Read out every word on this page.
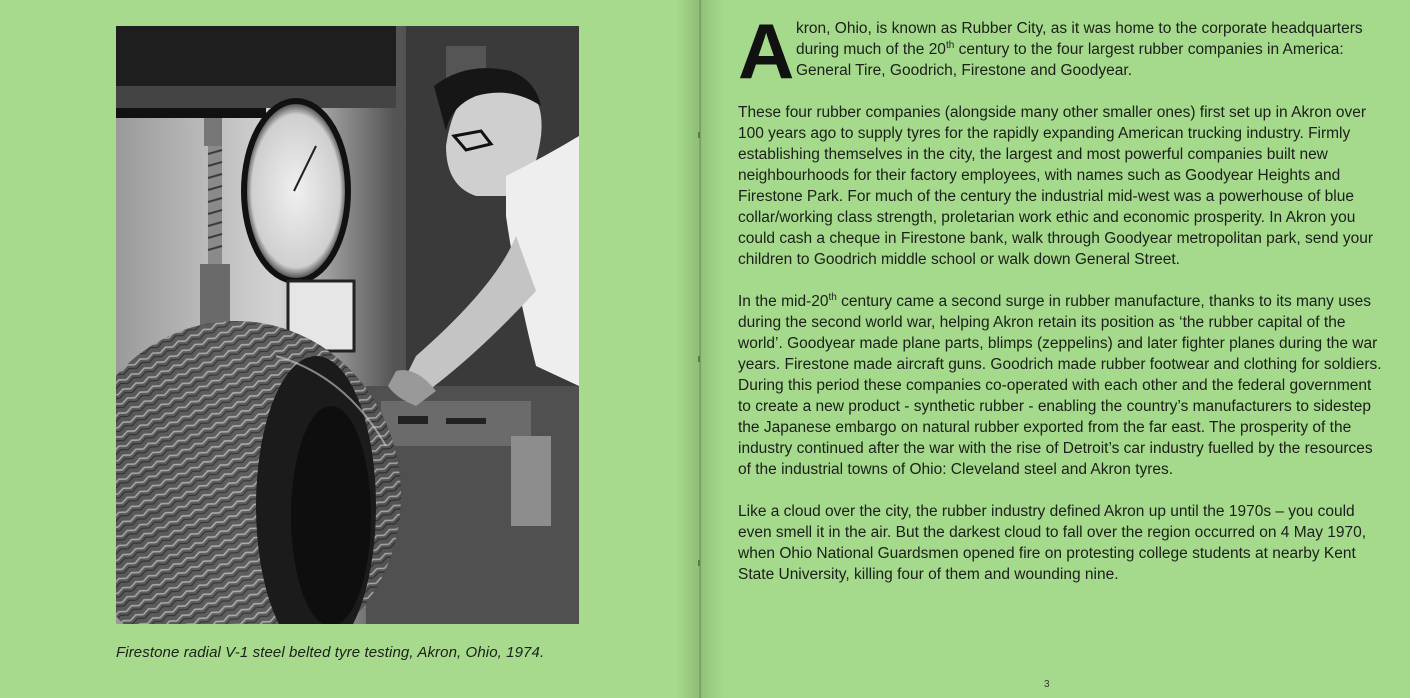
Firestone radial V-1 steel belted tyre testing, Akron, Ohio, 1974.
A kron, Ohio, is known as Rubber City, as it was home to the corporate headquarters during much of the 20th century to the four largest rubber companies in America: General Tire, Goodrich, Firestone and Goodyear.

These four rubber companies (alongside many other smaller ones) first set up in Akron over 100 years ago to supply tyres for the rapidly expanding American trucking industry. Firmly establishing themselves in the city, the largest and most powerful companies built new neighbourhoods for their factory employees, with names such as Goodyear Heights and Firestone Park. For much of the century the industrial mid-west was a powerhouse of blue collar/working class strength, proletarian work ethic and economic prosperity. In Akron you could cash a cheque in Firestone bank, walk through Goodyear metropolitan park, send your children to Goodrich middle school or walk down General Street.

In the mid-20th century came a second surge in rubber manufacture, thanks to its many uses during the second world war, helping Akron retain its position as ‘the rubber capital of the world’. Goodyear made plane parts, blimps (zeppelins) and later fighter planes during the war years. Firestone made aircraft guns. Goodrich made rubber footwear and clothing for soldiers. During this period these companies co-operated with each other and the federal government to create a new product - synthetic rubber - enabling the country’s manufacturers to sidestep the Japanese embargo on natural rubber exported from the far east. The prosperity of the industry continued after the war with the rise of Detroit’s car industry fuelled by the resources of the industrial towns of Ohio: Cleveland steel and Akron tyres.

Like a cloud over the city, the rubber industry defined Akron up until the 1970s – you could even smell it in the air. But the darkest cloud to fall over the region occurred on 4 May 1970, when Ohio National Guardsmen opened fire on protesting college students at nearby Kent State University, killing four of them and wounding nine.

3
